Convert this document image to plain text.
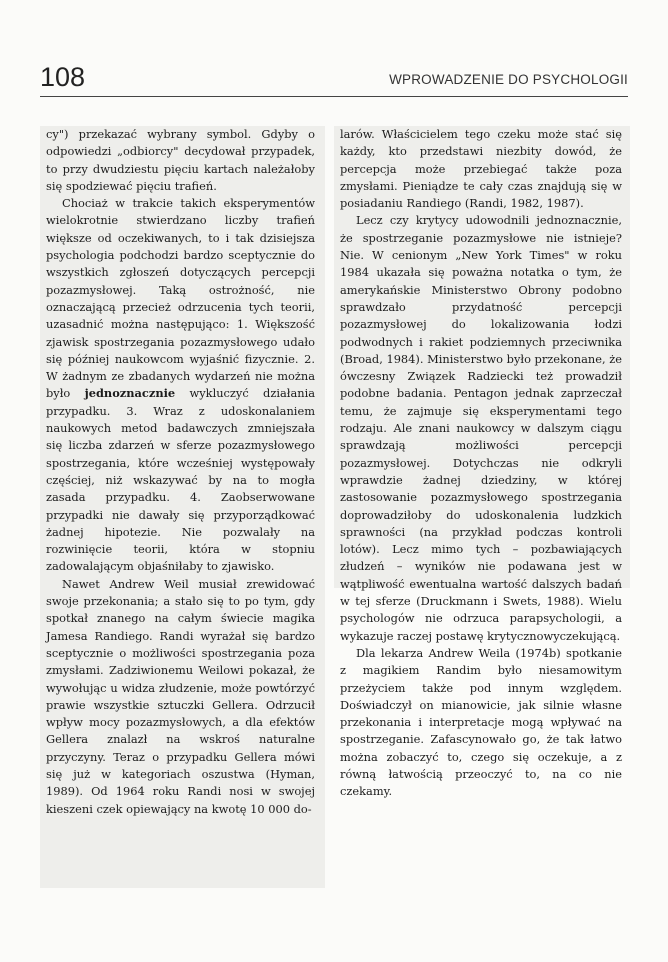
108	WPROWADZENIE DO PSYCHOLOGII

cy") przekazać wybrany symbol. Gdyby o odpowiedzi „odbiorcy" decydował przypadek, to przy dwudziestu pięciu kartach należałoby się spodziewać pięciu trafień.

Chociaż w trakcie takich eksperymentów wielokrotnie stwierdzano liczby trafień większe od oczekiwanych, to i tak dzisiejsza psychologia podchodzi bardzo sceptycznie do wszystkich zgłoszeń dotyczących percepcji pozazmysłowej. Taką ostrożność, nie oznaczającą przecież odrzucenia tych teorii, uzasadnić można następująco: 1. Większość zjawisk spostrzegania pozazmysłowego udało się później naukowcom wyjaśnić fizycznie. 2. W żadnym ze zbadanych wydarzeń nie można było jednoznacznie wykluczyć działania przypadku. 3. Wraz z udoskonalaniem naukowych metod badawczych zmniejszała się liczba zdarzeń w sferze pozazmysłowego spostrzegania, które wcześniej występowały częściej, niż wskazywać by na to mogła zasada przypadku. 4. Zaobserwowane przypadki nie dawały się przyporządkować żadnej hipotezie. Nie pozwalały na rozwinięcie teorii, która w stopniu zadowalającym objaśniłaby to zjawisko.

Nawet Andrew Weil musiał zrewidować swoje przekonania; a stało się to po tym, gdy spotkał znanego na całym świecie magika Jamesa Randiego. Randi wyrażał się bardzo sceptycznie o możliwości spostrzegania poza zmysłami. Zadziwionemu Weilowi pokazał, że wywołując u widza złudzenie, może powtórzyć prawie wszystkie sztuczki Gellera. Odrzucił wpływ mocy pozazmysłowych, a dla efektów Gellera znalazł na wskroś naturalne przyczyny. Teraz o przypadku Gellera mówi się już w kategoriach oszustwa (Hyman, 1989). Od 1964 roku Randi nosi w swojej kieszeni czek opiewający na kwotę 10 000 do-

larów. Właścicielem tego czeku może stać się każdy, kto przedstawi niezbity dowód, że percepcja może przebiegać także poza zmysłami. Pieniądze te cały czas znajdują się w posiadaniu Randiego (Randi, 1982, 1987).

Lecz czy krytycy udowodnili jednoznacznie, że spostrzeganie pozazmysłowe nie istnieje? Nie. W cenionym „New York Times" w roku 1984 ukazała się poważna notatka o tym, że amerykańskie Ministerstwo Obrony podobno sprawdzało przydatność percepcji pozazmysłowej do lokalizowania łodzi podwodnych i rakiet podziemnych przeciwnika (Broad, 1984). Ministerstwo było przekonane, że ówczesny Związek Radziecki też prowadził podobne badania. Pentagon jednak zaprzeczał temu, że zajmuje się eksperymentami tego rodzaju. Ale znani naukowcy w dalszym ciągu sprawdzają możliwości percepcji pozazmysłowej. Dotychczas nie odkryli wprawdzie żadnej dziedziny, w której zastosowanie pozazmysłowego spostrzegania doprowadziłoby do udoskonalenia ludzkich sprawności (na przykład podczas kontroli lotów). Lecz mimo tych – pozbawiających złudzeń – wyników nie podawana jest w wątpliwość ewentualna wartość dalszych badań w tej sferze (Druckmann i Swets, 1988). Wielu psychologów nie odrzuca parapsychologii, a wykazuje raczej postawę krytycznowyczekującą.

Dla lekarza Andrew Weila (1974b) spotkanie z magikiem Randim było niesamowitym przeżyciem także pod innym względem. Doświadczył on mianowicie, jak silnie własne przekonania i interpretacje mogą wpływać na spostrzeganie. Zafascynowało go, że tak łatwo można zobaczyć to, czego się oczekuje, a z równą łatwością przeoczyć to, na co nie czekamy.
